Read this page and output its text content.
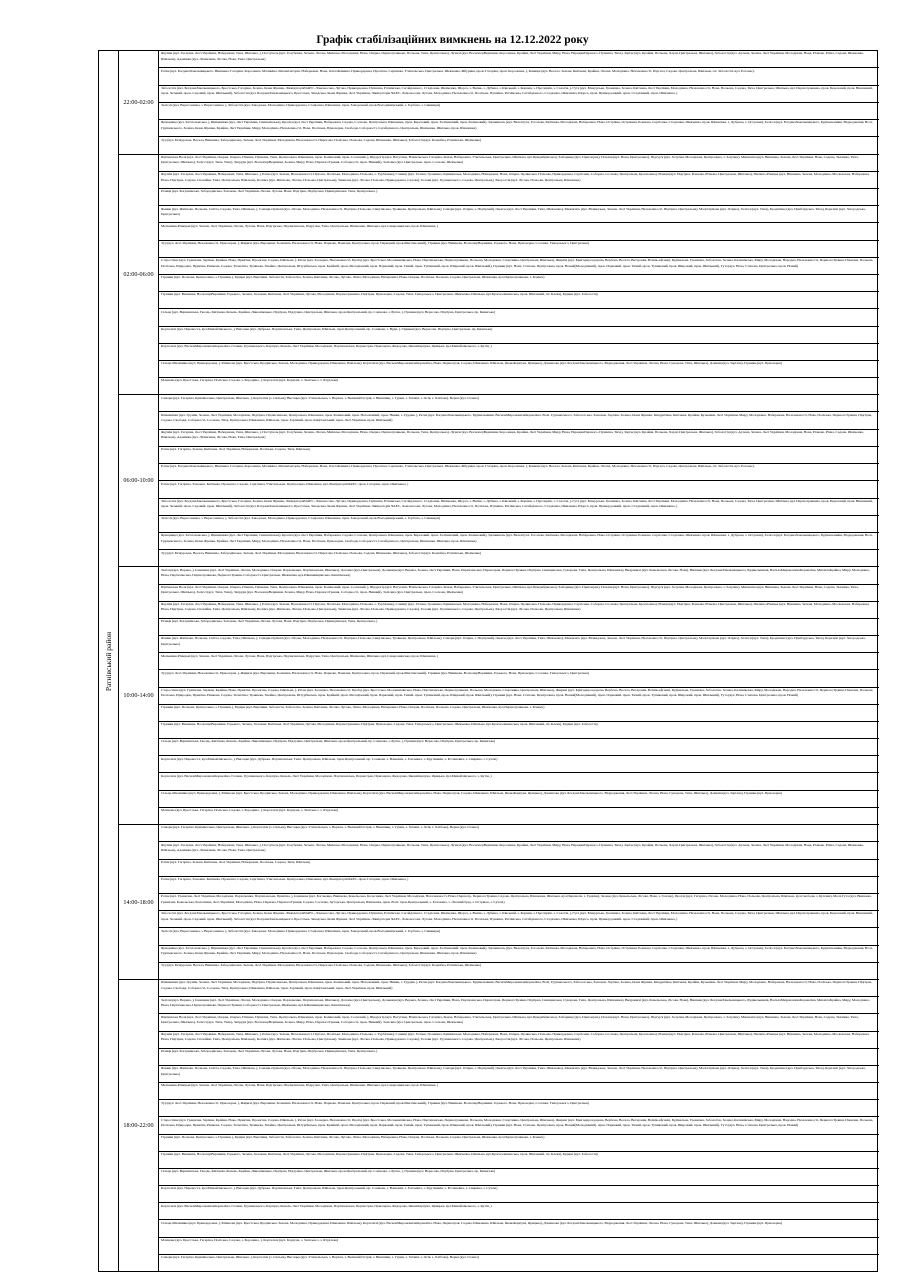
Графік стабілізаційних вимкнень на 12.12.2022 року
Ратнівський район
22:00-02:00
02:00-06:00
06:00-10:00
10:00-14:00
14:00-18:00
18:00-22:00
Якушів (вул. Гагаріна, Лесі Українки, Набережна, Тиха, Шкільна, ), Поступель (вул. Голубенка, Зелена, Лісова, Миінськ, Молодіжна, Нова, Озерна, Першотравнева, Польова, Тиха, Центральна), Лучичі (вул. ВоскоперВершини, Короленка, Крайня, Лесі Українки, Миру, Нова, НарединПершого, Пушкіна, Тиха), Заріче (вул. Крайня, Польова, Харці, Центральна, Шкільна), Заболоття (вул. Артема, Зелена, Лесі Українки, Молодіжна, Нова, Річкова, Річна, Садова, Шевченка, Шкільна), Адамівка (вул. Лісничина, Лісова, Нова, Тиха, Центральна)
Ратне (вул. БогданаХмельницького, Вишнева, Гагаріна, Короленка, Малиніна, Механізаторів, Набережна, Нова, ОлегаКашина, Прикордонна, Пролісна, Серпнева, Учительська, Центральна, Шевченка, Жбурина, пров. Гагаріна, пров. Короленка, ), Конище (вул. Весела, Зелена, Квітнева, Крайня, Лісова, Молодіжна, Незалежності, Підгала, Садова, Центральна, Шкільна, пл. Заболоття, вул. Ротоває).
Заболоття (вул. БогданаХмельницького, Брестська, Гагаріна, Зелена, Івана Франка, ЛіквідаторівЧАЕС, Ломоносова, Луговa, Прикордонна, Пушкіна, Ратнівська, Сагайдачного, Стадіонна, Шевченка, Щорса, з. Велик, з. Дубина, з. Ківський, з. Корвин, з. Протирхів, з. Салогія, ), Гута (вул. Бічкурська, Гранична, Зелена, Квітнева, Лесі Українки, Молодіжна, Незалежності, Нова, Польова, Садова, Тиха, Центральна, Шкільна, вул.Першотравнева, пров. Березовий, пров. Вишневий, пров. Зелений, пров. Садовий, пров. Шкільний), Заболоття (вул. БогданаХмельницького, Брестська, Заводська, Івана Франка, Лесі Українки, Ліквідаторів ЧАЕС, Ломоносова, Лугова, Молодіжна, Незалежності, Поліська, Пушкіна, Ратнівська, Сагайдачного, Стадіонна, Шевченка, Щорса, пров. Прикордонний, пров. Стадіонний, пров. Шевченка, )
Залісся (вул. Вересоненка, з. Вересоненка, ), Заболоття (вул. Заводська, Молодіжна, Прикордонна, Стадіонна, Шевченка, пров. Заводський, пров.Володимирський, з. Горбаха, з. Синявари)
Ярмарище (вул. Загатоновська, ), Щиманівка (вул. Лесі Українки, Свиналівська), Красна (вул. Лесі Українки, Набережна, Садова, Соснова, Центральна, Шевченка, пров. Березовий, пров. Залізничний, пров. Калиновий), Здомишель (вул. Валентуха, Гоголева, Квітнева, Молодіжна, Набережна, Нова, Острівна, Остріваня, Ровнова, Сергієнка, Стадіонна, Шевченка, пров. Шевченка, з. Дуброва, з. Островні), Залісся (вул. БогданаХмельницького, Будівельників, Відродження, Волі, Грушевського, Зелена, Івана Франка, Крайня, Лесі Українки, Миру, Молодіжна, Незалежності, Нова, Поліська, Приозерна, Свободи, Соборності, Сагайдачного, Центральна, Шевченка, Шкільна, пров. Шевченка)
Тур (вул. Бічкурська, Весела, Вишнева, Заборадівська, Зелена, Лесі Українки, Молодіжна, Незалежності, Пирогова, Поліська, Польова, Садова, Шевченка, Шкільна), Заболоття (вул. Коцюбка, Ратнівська, Шевченка)
Щитинська Воля (вул. Лесі Українки, Озерна, Озерна, Пішана, Пушкіна, Тиха, Центральна, Шевченка, пров. Калиновий, пров. Сосновий, ), Щедрогір (вул. Вагутина, Вчительська, Гагаріна, Ковча, Набережна, Учительська, Центральна, Шкільна, вул.Придибрівська), Хабарище (вул. Приозерна), Почапи (вул. Нова, Центральна), Підгур'я (вул. Зозулин, Молодіжна, Центральна, з. Зозулин), Мишеліна (вул. Вишнева, Зелена, Лесі Українки, Нова, Садова, Ткачівка, Тиха, Центральна, Шкільна), Заліссі (вул. Тиха, Тиха), Запруди (вул. ВоскоперВершини, Зелена, Миру, Нова, ПершогоТравня, Соборності, пров. Нивний), Залісяна (вул. Центральна, пров. Соснова, Шевченка)
Якушів (вул. Гагаріна, Лесі Українки, Набережна, Тиха, Шкільна, ), Ратне (вул. Зелена, Незалежності, Підгала, Поліська, Молодіжна, Польова, з. Турбісник), Сошиці (вул. Галана, Гранична, Крінцівська, Молодіжна, Набережна, Нова, Озірна, Орлянська, Польова, Прикордонна, Сергієнка, Соборна, Соснова, Центральна, Красножна), Річиця (вул. Підгірна, Ровнова, Річкова, Центральна, Шкільна), Пилипо-Річицьк (вул. Вишнева, Зелена, Молодіжна, Московська, Набережна, Нова, Підгірна, Садова, Спокійна, Тиха, Центральна, Шкільна), Коснич (вул. Житнова, Лісова, Польова, Центральна), Замшане (вул. Лісова, Польова, Прикордонна, Садова), Голови (вул. Грушевського, Садова, Центральна), Хворостів (вул. Лісова, Польова, Центральна, Шевченка)
Річиця (вул. Богданівська, Заборадівська, Заложна, Лесі Українки, Лісова, Лугова, Нова, Підгірна, Підгірська, Привідзівська, Тиха, Центральна, )
Ямник (вул. Житнова, Польова, Світла, Садова, Тиха, Шкільна, ), Самари-Оріхові (вул. Лісова, Молодіжна, Незалежності, Підгірна, Польова, Свидзівська, Травнева, Центральна, Шкільна), Самари (вул. Озірна, з. Підгірний), Оконче (вул. Лесі Українки, Тиха, Шевченка), Межисить (вул. Вілкидзька, Зелена, Лесі Українки, Незалежності, Підгірна, Центральна), МалоОріхове (вул. Озірна), Залісся (вул. Тиха), Бродятине (вул. Приблудська, Тиха), Березичі (вул. Загородська, Центральна)
Мельники-Річицькі (вул. Зелена, Лесі Українки, Лісова, Лугова, Нова, Підгірська, Підлисинська, Підручна, Тиха, Центральна, Шевченка, Шкільна, вул.Северовинська, пров. Шевченка, )
Тур (вул. Лесі Українки, Незалежності, Приозерна, ), Жиричі (вул. Верченки, Зеленинa, Незалежності, Нова, Паркова, Панечна, Центральна, пров. Парковий, пров.Мистинський), Гірники (вул. Вишнева, ВоскоперВершини, Горького, Нова, Приозерна, Сосенка, Тихорського, Центральна)
Старостине (вул. Гранична, Зарівна, Крайня, Нова, Приятна, Проектна, Садова, Шкільна, ), Ратне (вул. Заозерна, Незалежності, Проїзд (вул. Брестська, Молоквичівська, Нова, Партизанська, Першотравнева, Польова, Молодіжна, Спортивна, Центральна, Шкільна), Жиричі (вул. Бригадирсадорова, Вербова, Весела, Ветеранів, Воїнів-афганці, Будівельна, Гранична, Заболотна, Зелена, Калинівська, Миру, Молодіжна, Народна, Незалежності, ПершогоТравня, Панечна, Польова, Поліська, Природна, Приятна, Ринкова, Садова, Телегліна, Травнева, Хвойна, Центральна, Штурбівська, пров. Крайній, пров. Молодіжний, пров. Парковий, пров. Тихий, пров. Тупиковий, пров. Широкий, пров. Шкільний), Гірники (вул. Нова, Степова, Центральна, пров. Новий(Молодіжний), пров. Парковий, пров. Тихий, пров. Тупиковий, пров. Широкий, пров. Шкільний), Гута (вул. Нова, Степова, Центральна, пров. Новий)
Гірники (вул. Польова, Центральна, з. Гірники, ), Брідки (вул. Верхівки, Заболоття, Заболотна, Зелена, Квітнева, Лісова, Лугова, Лісна, Молодіжна, Набережна, Нова, Озерна, Поліська, Польова, Садова, Центральна, Шевченка, вул.Першотравнева, з. Клевеч)
Гірники (вул. Вишнева, ВоскоперВершини, Горького, Зелена, Заложна, Квітнева, Лесі Українки, Лугова, Молодіжна, Першотравнева, Підгірна, Приозерна, Садова, Тиха, Тихорського, Центральна, Шевченка, Шкільна, вул.Краснолиманська, пров. Шкільний, пл. Клевч), Брідки (вул. Заболоття)
Сільце (вул. Вершинська, Гвоздь, Квітнева, Ковель, Крайня, Ливонівецька, Підгірна, Підлужна, Центральна, Шкільна, пров.Центральний, пр. Сошкова, з. Бугна, ), Гірники (вул. Вересова, Підгірна, Центральна, пр. Киянська)
Кортеліси (вул. Перевоста, вул.Михайлівського, ), Висоцьк (вул. Дубрька, Партизанська, Тиха, Центральна, Шкільна, пров.Центральний, пр. Сошкова, з. Вуди, ), Гірники (вул. Вересова, Підгірна, Центральна, пр. Киянська)
Кортеліси (вул. ВасилаМироновичаКорнеліна, Галинa, Грушевського, Карпука, Коваль, Лесі Українки, Молодіжна, Партизанська, Першотрав, Приозерна, Федорова, ЯковаКарпука, Ярицька, вул.Михайлівського, з. Кутін, )
Сільце-Мизинівка (вул. Прикордонна, ), Млинове (вул. Брестська, Бродівська, Зелена, Молодіжна, Прикордоння, Шевченка, Шкільна), Кортеліси (вул. ВасилаМироновичаКорнеліна, Нова, Першотрав, Садова, Шевченка, Шкільна, ЯковаКарпука, Ярицька), Домашове (вул. БогданаХмельницького, Відродження, Лесі Українки, Лісова, Нова, Суворова, Тиха, Шкільна), Довжин (вул. Зарічна), Гірники (вул. Приозерна)
Млинове (вул. Брестська, Гагаріна, Поліська, Садова, з. Бородино, ), Кортеліси (вул. Кархуна, з. Заліська з. з. Ятудлева)
Самари (вул. Гагаріна, Кримінальна, Центральна, Шкільна, ), Кортеліси (з. Сильна), Висоцьк (вул. Учительська, з. Верхна, з. Великий Острів, з. Вишнівщ, з. Гурин, з. Затиші, з. Осія, з. Хлібова), Верна (вул. Галана)
Шиманівка (вул. Грушів, Зелена, Лесі Українки, Молодіжна, Підгірна, Підлисинська, Центральна, Шевченка, пров. Калиновий, пров. Незалежний, пров. Нивки, з. Грудин, ), Ратне (вул. БогданаХмельницького, Будівельників, ВасилаМироновичаКорнеліна, Волі, Грушевського, Заболотська, Заложна, Зарічна, Зелена, Івана Франка, Кіндратівка, Квітнева, Крайня, Кузьмина, Лесі Українки, Миру, Молодіжна, Набережна, Незалежності, Нова, Поліська, ПершогоТравня, Підгірна, Садова, Свободи, Соборності, Соснова, Тиха, Центральна, Шевченка, Шкільна, пров. Зарічний, пров. Кицітанський, пров. Лесі Українки, пров. Шкільний)
Якушів (вул. Гагаріна, Лесі Українки, Набережна, Тиха, Шкільна, ), Поступель (вул. Голубенка, Зелена, Лісова, Миінськ, Молодіжна, Нова, Озерна, Першотравнева, Польова, Тиха, Центральна), Лучичі (вул. ВоскоперВершини, Короленка, Крайня, Лесі Українки, Миру, Нова, НарединПершого, Пушкіна, Тиха), Заріче (вул. Крайня, Польова, Харці, Центральна, Шкільна), Заболоття (вул. Артема, Зелена, Лесі Українки, Молодіжна, Нова, Річкова, Річна, Садова, Шевченка, Шкільна), Адамівка (вул. Лісничина, Лісова, Нова, Тиха, Центральна)
Ратне (вул. Гагаріна, Зелена, Квітнева, Лесі Українки, Набережна, Поліська, Садова, Тиха, Шкільна)
Ратне (вул. БогданаХмельницького, Вишнева, Гагаріна, Короленка, Малиніна, Механізаторів, Набережна, Нова, ОлегаКашина, Прикордонна, Пролісна, Серпнева, Учительська, Центральна, Шевченка, Жбурина, пров. Гагаріна, пров. Короленка, ), Конище (вул. Весела, Зелена, Квітнева, Крайня, Лісова, Молодіжна, Незалежності, Підгала, Садова, Центральна, Шкільна, пл. Заболоття, вул. Ротоває).
Ратне (вул. Гагаріна, Заложна, Квітнева, Проектна, Садова, Сергієнка, Учительська, Центральна, Шевченка, вул.ЛіквідаторівЧАЕС, пров. Гагаріна, пров. Шевченка, )
Заболоття (вул. БогданаХмельницького, Брестська, Гагаріна, Зелена, Івана Франка, ЛіквідаторівЧАЕС, Ломоносова, Луговa, Прикордонна, Пушкіна, Ратнівська, Сагайдачного, Стадіонна, Шевченка, Щорса, з. Велик, з. Дубина, з. Ківський, з. Корвин, з. Протирхів, з. Салогія, ), Гута (вул. Бічкурська, Гранична, Зелена, Квітнева, Лесі Українки, Молодіжна, Незалежності, Нова, Польова, Садова, Тиха, Центральна, Шкільна, вул.Першотравнева, пров. Березовий, пров. Вишневий, пров. Зелений, пров. Садовий, пров. Шкільний), Заболоття (вул. БогданаХмельницького, Брестська, Заводська, Івана Франка, Лесі Українки, Ліквідаторів ЧАЕС, Ломоносова, Лугова, Молодіжна, Незалежності, Поліська, Пушкіна, Ратнівська, Сагайдачного, Стадіонна, Шевченка, Щорса, пров. Прикордонний, пров. Стадіонний, пров. Шевченка, )
Залісся (вул. Вересоненка, з. Вересоненка, ), Заболоття (вул. Заводська, Молодіжна, Прикордонна, Стадіонна, Шевченка, пров. Заводський, пров.Володимирський, з. Горбаха, з. Синявари)
Ярмарище (вул. Загатоновська, ), Щиманівка (вул. Лесі Українки, Свиналівська), Красна (вул. Лесі Українки, Набережна, Садова, Соснова, Центральна, Шевченка, пров. Березовий, пров. Залізничний, пров. Калиновий), Здомишель (вул. Валентуха, Гоголева, Квітнева, Молодіжна, Набережна, Нова, Острівна, Остріваня, Ровнова, Сергієнка, Стадіонна, Шевченка, пров. Шевченка, з. Дуброва, з. Островні), Залісся (вул. БогданаХмельницького, Будівельників, Відродження, Волі, Грушевського, Зелена, Івана Франка, Крайня, Лесі Українки, Миру, Молодіжна, Незалежності, Нова, Поліська, Приозерна, Свободи, Соборності, Сагайдачного, Центральна, Шевченка, Шкільна, пров. Шевченка)
Тур (вул. Бічкурська, Весела, Вишнева, Заборадівська, Зелена, Лесі Українки, Молодіжна, Незалежності, Пирогова, Поліська, Польова, Садова, Шевченка, Шкільна), Заболоття (вул. Коцюбка, Ратнівська, Шевченка)
Заліззя (вул. Верена, ), Іонишеве (вул. Лесі Українки, Лісова, Молодіжна, Озерна, Пархоменка, Партизанська, Шкільна), Договче (вул. Центральна), Дольниця (вул. Верена, Зелена, Лесі Українки, Нова, Партизанська, Першотрав, ПершогоТравня, Підгірна, Свинцевська, Суворова, Тиха, Центральна, Шевченка), Видраничі (вул. Ковельська, Лісова, Нова), Вишнев (вул. БогданаХмельницького, Будівельників, ВасилаМироновичаКорнеліна, МихаїлаКрайка, Миру, Молодіжна, Нова, Партизанська, Першотравнева, ПершогоТравня, Соборності, Центральна, Шевченка, вул.Ківшевищанська, Кашпінська)
Щитинська Воля (вул. Лесі Українки, Озерна, Озерна, Пішана, Пушкіна, Тиха, Центральна, Шевченка, пров. Калиновий, пров. Сосновий, ), Щедрогір (вул. Вагутина, Вчительська, Гагаріна, Ковча, Набережна, Учительська, Центральна, Шкільна, вул.Придибрівська), Хабарище (вул. Приозерна), Почапи (вул. Нова, Центральна), Підгур'я (вул. Зозулин, Молодіжна, Центральна, з. Зозулин), Мишеліна (вул. Вишнева, Зелена, Лесі Українки, Нова, Садова, Ткачівка, Тиха, Центральна, Шкільна), Заліссі (вул. Тиха, Тиха), Запруди (вул. ВоскоперВершини, Зелена, Миру, Нова, ПершогоТравня, Соборності, пров. Нивний), Залісяна (вул. Центральна, пров. Соснова, Шевченка)
Якушів (вул. Гагаріна, Лесі Українки, Набережна, Тиха, Шкільна, ), Ратне (вул. Зелена, Незалежності, Підгала, Поліська, Молодіжна, Польова, з. Турбісник), Сошиці (вул. Галана, Гранична, Крінцівська, Молодіжна, Набережна, Нова, Озірна, Орлянська, Польова, Прикордонна, Сергієнка, Соборна, Соснова, Центральна, Красножна), Річиця (вул. Підгірна, Ровнова, Річкова, Центральна, Шкільна), Пилипо-Річицьк (вул. Вишнева, Зелена, Молодіжна, Московська, Набережна, Нова, Підгірна, Садова, Спокійна, Тиха, Центральна, Шкільна), Коснич (вул. Житнова, Лісова, Польова, Центральна), Замшане (вул. Лісова, Польова, Прикордонна, Садова), Голови (вул. Грушевського, Садова, Центральна), Хворостів (вул. Лісова, Польова, Центральна, Шевченка)
Річиця (вул. Богданівська, Заборадівська, Заложна, Лесі Українки, Лісова, Лугова, Нова, Підгірна, Підгірська, Привідзівська, Тиха, Центральна, )
Ямник (вул. Житнова, Польова, Світла, Садова, Тиха, Шкільна, ), Самари-Оріхові (вул. Лісова, Молодіжна, Незалежності, Підгірна, Польова, Свидзівська, Травнева, Центральна, Шкільна), Самари (вул. Озірна, з. Підгірний), Оконче (вул. Лесі Українки, Тиха, Шевченка), Межисить (вул. Вілкидзька, Зелена, Лесі Українки, Незалежності, Підгірна, Центральна), МалоОріхове (вул. Озірна), Залісся (вул. Тиха), Бродятине (вул. Приблудська, Тиха), Березичі (вул. Загородська, Центральна)
Мельники-Річицькі (вул. Зелена, Лесі Українки, Лісова, Лугова, Нова, Підгірська, Підлисинська, Підручна, Тиха, Центральна, Шевченка, Шкільна, вул.Северовинська, пров. Шевченка, )
Тур (вул. Лесі Українки, Незалежності, Приозерна, ), Жиричі (вул. Верченки, Зеленинa, Незалежності, Нова, Паркова, Панечна, Центральна, пров. Парковий, пров.Мистинський), Гірники (вул. Вишнева, ВоскоперВершини, Горького, Нова, Приозерна, Сосенка, Тихорського, Центральна)
Старостине (вул. Гранична, Зарівна, Крайня, Нова, Приятна, Проектна, Садова, Шкільна, ), Ратне (вул. Заозерна, Незалежності, Проїзд (вул. Брестська, Молоквичівська, Нова, Партизанська, Першотравнева, Польова, Молодіжна, Спортивна, Центральна, Шкільна), Жиричі (вул. Бригадирсадорова, Вербова, Весела, Ветеранів, Воїнів-афганці, Будівельна, Гранична, Заболотна, Зелена, Калинівська, Миру, Молодіжна, Народна, Незалежності, ПершогоТравня, Панечна, Польова, Поліська, Природна, Приятна, Ринкова, Садова, Телегліна, Травнева, Хвойна, Центральна, Штурбівська, пров. Крайній, пров. Молодіжний, пров. Парковий, пров. Тихий, пров. Тупиковий, пров. Широкий, пров. Шкільний), Гірники (вул. Нова, Степова, Центральна, пров. Новий(Молодіжний), пров. Парковий, пров. Тихий, пров. Тупиковий, пров. Широкий, пров. Шкільний), Гута (вул. Нова, Степова, Центральна, пров. Новий)
Гірники (вул. Польова, Центральна, з. Гірники, ), Брідки (вул. Верхівки, Заболоття, Заболотна, Зелена, Квітнева, Лісова, Лугова, Лісна, Молодіжна, Набережна, Нова, Озерна, Поліська, Польова, Садова, Центральна, Шевченка, вул.Першотравнева, з. Клевеч)
Гірники (вул. Вишнева, ВоскоперВершини, Горького, Зелена, Заложна, Квітнева, Лесі Українки, Лугова, Молодіжна, Першотравнева, Підгірна, Приозерна, Садова, Тиха, Тихорського, Центральна, Шевченка, Шкільна, вул.Краснолиманська, пров. Шкільний, пл. Клевч), Брідки (вул. Заболоття)
Сільце (вул. Вершинська, Гвоздь, Квітнева, Ковель, Крайня, Ливонівецька, Підгірна, Підлужна, Центральна, Шкільна, пров.Центральний, пр. Сошкова, з. Бугна, ), Гірники (вул. Вересова, Підгірна, Центральна, пр. Киянська)
Кортеліси (вул. Перевоста, вул.Михайлівського, ), Висоцьк (вул. Дубрька, Партизанська, Тиха, Центральна, Шкільна, пров.Центральний, пр. Сошкова, з. Вашевич, з. Гончевич, з. Крутиншів, з. Роташевич, з. Свирина, з. Сухачі)
Кортеліси (вул. ВасилаМироновичаКорнеліна, Галинa, Грушевського, Карпука, Коваль, Лесі Українки, Молодіжна, Партизанська, Першотрав, Приозерна, Федорова, ЯковаКарпука, Ярицька, вул.Михайлівського, з. Кутін, )
Сільце-Мизинівка (вул. Прикордонна, ), Млинове (вул. Брестська, Бродівська, Зелена, Молодіжна, Прикордоння, Шевченка, Шкільна), Кортеліси (вул. ВасилаМироновичаКорнеліна, Нова, Першотрав, Садова, Шевченка, Шкільна, ЯковаКарпука, Ярицька), Домашове (вул. БогданаХмельницького, Відродження, Лесі Українки, Лісова, Нова, Суворова, Тиха, Шкільна), Довжин (вул. Зарічна), Гірники (вул. Приозерна)
Млинове (вул. Брестська, Гагаріна, Поліська, Садова, з. Бородино, ), Кортеліси (вул. Кархуна, з. Заліська з. з. Ятудлева)
Самари (вул. Гагаріна, Кримінальна, Центральна, Шкільна, ), Кортеліси (з. Сильна), Висоцьк (вул. Учительська, з. Верхна, з. Великий Острів, з. Вишнівщ, з. Гурин, з. Затиші, з. Осія, з. Хлібова), Верна (вул. Галана)
Якушів (вул. Гагаріна, Лесі Українки, Набережна, Тиха, Шкільна, ), Поступель (вул. Голубенка, Зелена, Лісова, Миінськ, Молодіжна, Нова, Озерна, Першотравнева, Польова, Тиха, Центральна), Лучичі (вул. ВоскоперВершини, Короленка, Крайня, Лесі Українки, Миру, Нова, НарединПершого, Пушкіна, Тиха), Заріче (вул. Крайня, Польова, Харці, Центральна, Шкільна), Заболоття (вул. Артема, Зелена, Лесі Українки, Молодіжна, Нова, Річкова, Річна, Садова, Шевченка, Шкільна), Адамівка (вул. Лісничина, Лісова, Нова, Тиха, Центральна)
Ратне (вул. Гагаріна, Зелена, Квітнева, Лесі Українки, Набережна, Поліська, Садова, Тиха, Шкільна)
Ратне (вул. Гагаріна, Заложна, Квітнева, Проектна, Садова, Сергієнка, Учительська, Центральна, Шевченка, вул.ЛіквідаторівЧАЕС, пров. Гагаріна, пров. Шевченка, )
Ратне (вул. Гранична, Лесі Українки, Молодіжна, Пархоменка, Партизанська, Приятна, ), Іонишеве (вул. Богачевка, Вишнева, Ковельська, Колесника, Лесі Українки, Молодіжна, Незалежності, Нова, Першотр, ПершогоТравня, Садова, Центральна, Шевченка, Шкільна, вул.Перемоги, з. Гравіна), Зелене (вул. Ковельська, Лісова, Нова, з. Гончар), Прохід (вул. Гагаріна, Лісова, Молодіжна, Нова, Польова, Центральна, Шкільна, вул.Свободи, з. Купчин), Мала Гута (вул. Вишнева, Гранична, Ковельська, Колесника, Лесі Українки, Молодіжна, Нова, Паркова, ПершогоТравня, Садова, Соснова, Хуторська, Центральна, Шевченка, пров. Волі, пров.Центральний, з. Заложана, з. Лісовий брід, з. Острівок, з. Сухачі)
Заболоття (вул. БогданаХмельницького, Брестська, Гагаріна, Зелена, Івана Франка, ЛіквідаторівЧАЕС, Ломоносова, Луговa, Прикордонна, Пушкіна, Ратнівська, Сагайдачного, Стадіонна, Шевченка, Щорса, з. Велик, з. Дубина, з. Ківський, з. Корвин, з. Протирхів, з. Салогія, ), Гута (вул. Бічкурська, Гранична, Зелена, Квітнева, Лесі Українки, Молодіжна, Незалежності, Нова, Польова, Садова, Тиха, Центральна, Шкільна, вул.Першотравнева, пров. Березовий, пров. Вишневий, пров. Зелений, пров. Садовий, пров. Шкільний), Заболоття (вул. БогданаХмельницького, Брестська, Заводська, Івана Франка, Лесі Українки, Ліквідаторів ЧАЕС, Ломоносова, Лугова, Молодіжна, Незалежності, Поліська, Пушкіна, Ратнівська, Сагайдачного, Стадіонна, Шевченка, Щорса, пров. Прикордонний, пров. Стадіонний, пров. Шевченка, )
Залісся (вул. Вересоненка, з. Вересоненка, ), Заболоття (вул. Заводська, Молодіжна, Прикордонна, Стадіонна, Шевченка, пров. Заводський, пров.Володимирський, з. Горбаха, з. Синявари)
Ярмарище (вул. Загатоновська, ), Щиманівка (вул. Лесі Українки, Свиналівська), Красна (вул. Лесі Українки, Набережна, Садова, Соснова, Центральна, Шевченка, пров. Березовий, пров. Залізничний, пров. Калиновий), Здомишель (вул. Валентуха, Гоголева, Квітнева, Молодіжна, Набережна, Нова, Острівна, Остріваня, Ровнова, Сергієнка, Стадіонна, Шевченка, пров. Шевченка, з. Дуброва, з. Островні), Залісся (вул. БогданаХмельницького, Будівельників, Відродження, Волі, Грушевського, Зелена, Івана Франка, Крайня, Лесі Українки, Миру, Молодіжна, Незалежності, Нова, Поліська, Приозерна, Свободи, Соборності, Сагайдачного, Центральна, Шевченка, Шкільна, пров. Шевченка)
Тур (вул. Бічкурська, Весела, Вишнева, Заборадівська, Зелена, Лесі Українки, Молодіжна, Незалежності, Пирогова, Поліська, Польова, Садова, Шевченка, Шкільна), Заболоття (вул. Коцюбка, Ратнівська, Шевченка)
Шиманівка (вул. Грушів, Зелена, Лесі Українки, Молодіжна, Підгірна, Підлисинська, Центральна, Шевченка, пров. Калиновий, пров. Незалежний, пров. Нивки, з. Грудин, ), Ратне (вул. БогданаХмельницького, Будівельників, ВасилаМироновичаКорнеліна, Волі, Грушевського, Заболотська, Заложна, Зарічна, Зелена, Івана Франка, Кіндратівка, Квітнева, Крайня, Кузьмина, Лесі Українки, Миру, Молодіжна, Набережна, Незалежності, Нова, Поліська, ПершогоТравня, Підгірна, Садова, Свободи, Соборності, Соснова, Тиха, Центральна, Шевченка, Шкільна, пров. Зарічний, пров. Кицітанський, пров. Лесі Українки, пров. Шкільний)
Заліззя (вул. Верена, ), Іонишеве (вул. Лесі Українки, Лісова, Молодіжна, Озерна, Пархоменка, Партизанська, Шкільна), Договче (вул. Центральна), Дольниця (вул. Верена, Зелена, Лесі Українки, Нова, Партизанська, Першотрав, ПершогоТравня, Підгірна, Свинцевська, Суворова, Тиха, Центральна, Шевченка), Видраничі (вул. Ковельська, Лісова, Нова), Вишнев (вул. БогданаХмельницького, Будівельників, ВасилаМироновичаКорнеліна, МихаїлаКрайка, Миру, Молодіжна, Нова, Партизанська, Першотравнева, ПершогоТравня, Соборності, Центральна, Шевченка, вул.Ківшевищанська, Кашпінська)
Щитинська Воля (вул. Лесі Українки, Озерна, Озерна, Пішана, Пушкіна, Тиха, Центральна, Шевченка, пров. Калиновий, пров. Сосновий, ), Щедрогір (вул. Вагутина, Вчительська, Гагаріна, Ковча, Набережна, Учительська, Центральна, Шкільна, вул.Придибрівська), Хабарище (вул. Приозерна), Почапи (вул. Нова, Центральна), Підгур'я (вул. Зозулин, Молодіжна, Центральна, з. Зозулин), Мишеліна (вул. Вишнева, Зелена, Лесі Українки, Нова, Садова, Ткачівка, Тиха, Центральна, Шкільна), Заліссі (вул. Тиха, Тиха), Запруди (вул. ВоскоперВершини, Зелена, Миру, Нова, ПершогоТравня, Соборності, пров. Нивний), Залісяна (вул. Центральна, пров. Соснова, Шевченка)
Якушів (вул. Гагаріна, Лесі Українки, Набережна, Тиха, Шкільна, ), Ратне (вул. Зелена, Незалежності, Підгала, Поліська, Молодіжна, Польова, з. Турбісник), Сошиці (вул. Галана, Гранична, Крінцівська, Молодіжна, Набережна, Нова, Озірна, Орлянська, Польова, Прикордонна, Сергієнка, Соборна, Соснова, Центральна, Красножна), Річиця (вул. Підгірна, Ровнова, Річкова, Центральна, Шкільна), Пилипо-Річицьк (вул. Вишнева, Зелена, Молодіжна, Московська, Набережна, Нова, Підгірна, Садова, Спокійна, Тиха, Центральна, Шкільна), Коснич (вул. Житнова, Лісова, Польова, Центральна), Замшане (вул. Лісова, Польова, Прикордонна, Садова), Голови (вул. Грушевського, Садова, Центральна), Хворостів (вул. Лісова, Польова, Центральна, Шевченка)
Річиця (вул. Богданівська, Заборадівська, Заложна, Лесі Українки, Лісова, Лугова, Нова, Підгірна, Підгірська, Привідзівська, Тиха, Центральна, )
Ямник (вул. Житнова, Польова, Світла, Садова, Тиха, Шкільна, ), Самари-Оріхові (вул. Лісова, Молодіжна, Незалежності, Підгірна, Польова, Свидзівська, Травнева, Центральна, Шкільна), Самари (вул. Озірна, з. Підгірний), Оконче (вул. Лесі Українки, Тиха, Шевченка), Межисить (вул. Вілкидзька, Зелена, Лесі Українки, Незалежності, Підгірна, Центральна), МалоОріхове (вул. Озірна), Залісся (вул. Тиха), Бродятине (вул. Приблудська, Тиха), Березичі (вул. Загородська, Центральна)
Мельники-Річицькі (вул. Зелена, Лесі Українки, Лісова, Лугова, Нова, Підгірська, Підлисинська, Підручна, Тиха, Центральна, Шевченка, Шкільна, вул.Северовинська, пров. Шевченка, )
Тур (вул. Лесі Українки, Незалежності, Приозерна, ), Жиричі (вул. Верченки, Зеленинa, Незалежності, Нова, Паркова, Панечна, Центральна, пров. Парковий, пров.Мистинський), Гірники (вул. Вишнева, ВоскоперВершини, Горького, Нова, Приозерна, Сосенка, Тихорського, Центральна)
Старостине (вул. Гранична, Зарівна, Крайня, Нова, Приятна, Проектна, Садова, Шкільна, ), Ратне (вул. Заозерна, Незалежності, Проїзд (вул. Брестська, Молоквичівська, Нова, Партизанська, Першотравнева, Польова, Молодіжна, Спортивна, Центральна, Шкільна), Жиричі (вул. Бригадирсадорова, Вербова, Весела, Ветеранів, Воїнів-афганці, Будівельна, Гранична, Заболотна, Зелена, Калинівська, Миру, Молодіжна, Народна, Незалежності, ПершогоТравня, Панечна, Польова, Поліська, Природна, Приятна, Ринкова, Садова, Телегліна, Травнева, Хвойна, Центральна, Штурбівська, пров. Крайній, пров. Молодіжний, пров. Парковий, пров. Тихий, пров. Тупиковий, пров. Широкий, пров. Шкільний), Гірники (вул. Нова, Степова, Центральна, пров. Новий(Молодіжний), пров. Парковий, пров. Тихий, пров. Тупиковий, пров. Широкий, пров. Шкільний), Гута (вул. Нова, Степова, Центральна, пров. Новий)
Гірники (вул. Польова, Центральна, з. Гірники, ), Брідки (вул. Верхівки, Заболоття, Заболотна, Зелена, Квітнева, Лісова, Лугова, Лісна, Молодіжна, Набережна, Нова, Озерна, Поліська, Польова, Садова, Центральна, Шевченка, вул.Першотравнева, з. Клевеч)
Гірники (вул. Вишнева, ВоскоперВершини, Горького, Зелена, Заложна, Квітнева, Лесі Українки, Лугова, Молодіжна, Першотравнева, Підгірна, Приозерна, Садова, Тиха, Тихорського, Центральна, Шевченка, Шкільна, вул.Краснолиманська, пров. Шкільний, пл. Клевч), Брідки (вул. Заболоття)
Сільце (вул. Вершинська, Гвоздь, Квітнева, Ковель, Крайня, Ливонівецька, Підгірна, Підлужна, Центральна, Шкільна, пров.Центральний, пр. Сошкова, з. Бугна, ), Гірники (вул. Вересова, Підгірна, Центральна, пр. Киянська)
Кортеліси (вул. Перевоста, вул.Михайлівського, ), Висоцьк (вул. Дубрька, Партизанська, Тиха, Центральна, Шкільна, пров.Центральний, пр. Сошкова, з. Вашевич, з. Гончевич, з. Крутиншів, з. Роташевич, з. Свирина, з. Сухачі)
Кортеліси (вул. ВасилаМироновичаКорнеліна, Галинa, Грушевського, Карпука, Коваль, Лесі Українки, Молодіжна, Партизанська, Першотрав, Приозерна, Федорова, ЯковаКарпука, Ярицька, вул.Михайлівського, з. Кутін, )
Сільце-Мизинівка (вул. Прикордонна, ), Млинове (вул. Брестська, Бродівська, Зелена, Молодіжна, Прикордоння, Шевченка, Шкільна), Кортеліси (вул. ВасилаМироновичаКорнеліна, Нова, Першотрав, Садова, Шевченка, Шкільна, ЯковаКарпука, Ярицька), Домашове (вул. БогданаХмельницького, Відродження, Лесі Українки, Лісова, Нова, Суворова, Тиха, Шкільна), Довжин (вул. Зарічна), Гірники (вул. Приозерна)
Млинове (вул. Брестська, Гагаріна, Поліська, Садова, з. Бородино, ), Кортеліси (вул. Кархуна, з. Заліська з. з. Ятудлева)
Самари (вул. Гагаріна, Кримінальна, Центральна, Шкільна, ), Кортеліси (з. Сильна), Висоцьк (вул. Учительська, з. Верхна, з. Великий Острів, з. Вишнівщ, з. Гурин, з. Затиші, з. Осія, з. Хлібова), Верна (вул. Галана)
